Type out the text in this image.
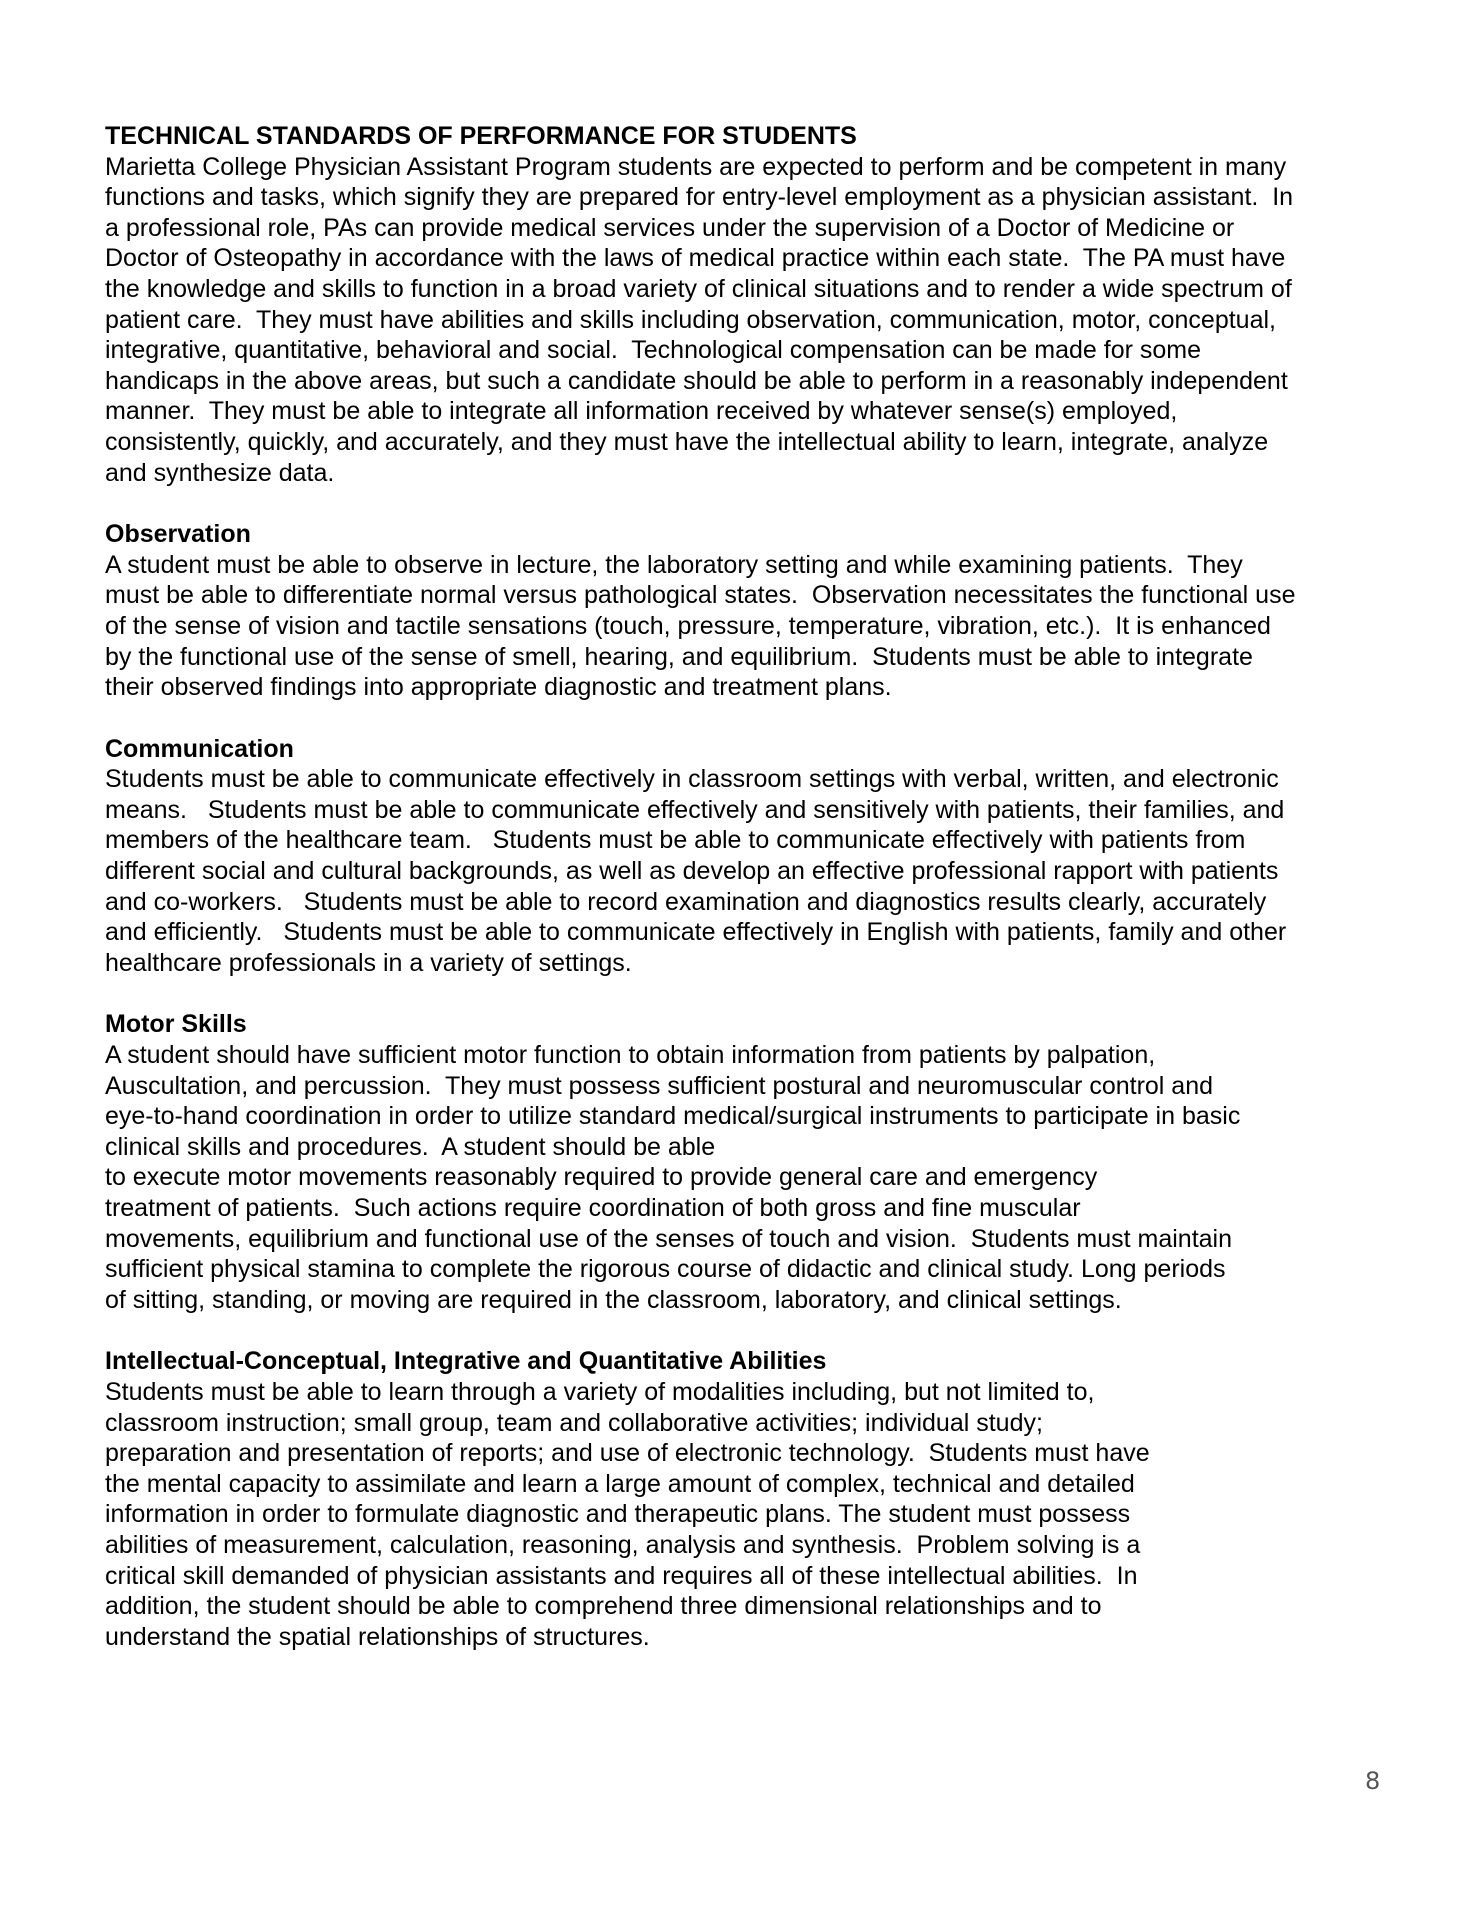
TECHNICAL STANDARDS OF PERFORMANCE FOR STUDENTS
Marietta College Physician Assistant Program students are expected to perform and be competent in many
functions and tasks, which signify they are prepared for entry-level employment as a physician assistant.  In
a professional role, PAs can provide medical services under the supervision of a Doctor of Medicine or
Doctor of Osteopathy in accordance with the laws of medical practice within each state.  The PA must have
the knowledge and skills to function in a broad variety of clinical situations and to render a wide spectrum of
patient care.  They must have abilities and skills including observation, communication, motor, conceptual,
integrative, quantitative, behavioral and social.  Technological compensation can be made for some
handicaps in the above areas, but such a candidate should be able to perform in a reasonably independent
manner.  They must be able to integrate all information received by whatever sense(s) employed,
consistently, quickly, and accurately, and they must have the intellectual ability to learn, integrate, analyze
and synthesize data.
Observation
A student must be able to observe in lecture, the laboratory setting and while examining patients.  They
must be able to differentiate normal versus pathological states.  Observation necessitates the functional use
of the sense of vision and tactile sensations (touch, pressure, temperature, vibration, etc.).  It is enhanced
by the functional use of the sense of smell, hearing, and equilibrium.  Students must be able to integrate
their observed findings into appropriate diagnostic and treatment plans.
Communication
Students must be able to communicate effectively in classroom settings with verbal, written, and electronic
means.   Students must be able to communicate effectively and sensitively with patients, their families, and
members of the healthcare team.   Students must be able to communicate effectively with patients from
different social and cultural backgrounds, as well as develop an effective professional rapport with patients
and co-workers.   Students must be able to record examination and diagnostics results clearly, accurately
and efficiently.   Students must be able to communicate effectively in English with patients, family and other
healthcare professionals in a variety of settings.
Motor Skills
A student should have sufficient motor function to obtain information from patients by palpation,
Auscultation, and percussion.  They must possess sufficient postural and neuromuscular control and
eye-to-hand coordination in order to utilize standard medical/surgical instruments to participate in basic
clinical skills and procedures.  A student should be able
to execute motor movements reasonably required to provide general care and emergency
treatment of patients.  Such actions require coordination of both gross and fine muscular
movements, equilibrium and functional use of the senses of touch and vision.  Students must maintain
sufficient physical stamina to complete the rigorous course of didactic and clinical study. Long periods
of sitting, standing, or moving are required in the classroom, laboratory, and clinical settings.
Intellectual-Conceptual, Integrative and Quantitative Abilities
Students must be able to learn through a variety of modalities including, but not limited to,
classroom instruction; small group, team and collaborative activities; individual study;
preparation and presentation of reports; and use of electronic technology.  Students must have
the mental capacity to assimilate and learn a large amount of complex, technical and detailed
information in order to formulate diagnostic and therapeutic plans. The student must possess
abilities of measurement, calculation, reasoning, analysis and synthesis.  Problem solving is a
critical skill demanded of physician assistants and requires all of these intellectual abilities.  In
addition, the student should be able to comprehend three dimensional relationships and to
understand the spatial relationships of structures.
8
